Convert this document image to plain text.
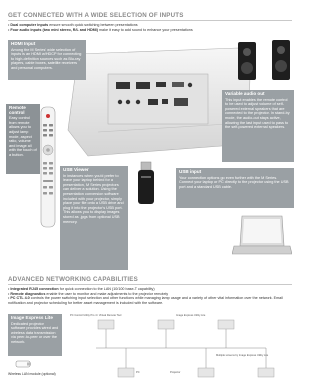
GET CONNECTED WITH A WIDE SELECTION OF INPUTS
• Dual computer inputs ensure smooth quick switching between presentations
• Four audio inputs (two mini stereo, R/L and HDMI) make it easy to add sound to enhance your presentations
HDMI Input
Among the M Series' wide selection of inputs is an HDMI w/HDCP for connecting to high-definition sources such as Blu-ray players, cable boxes, satellite receivers and personal computers.
Variable audio out
This input enables the remote control to be used to adjust volume of self-powered external speakers that are connected to the projector. In stand-by mode, the audio-out stays active, allowing the last input used to pass to the self-powered external speakers.
Remote control
Easy control from remote allows you to adjust lamp mode, aspect ratio, volume and image all with the touch of a button.
USB Viewer
In instances when you'd prefer to leave your laptop behind for a presentation, M Series projectors can deliver a solution. Using the presentation conversion software included with your projector, simply place your file onto a USB drive and plug it into the projector's USB port. This allows you to display images stored as .jpgs from optional USB memory.
USB input
Your connection options go even further with the M Series. Connect your laptop or PC directly to the projector using the USB port and a standard USB cable.
ADVANCED NETWORKING CAPABILITIES
• Integrated RJ45 connection for quick connection to the LAN (10/100 base-T capability)
• Remote diagnostics enable the user to monitor and make adjustments to the projector remotely
• PC CTL 4.0 controls the power switching input selection and other functions while managing lamp usage and a variety of other vital information over the network. Email notification and projector scheduling for better asset management is included with the software.
Image Express Lite
Dedicated projector software provides wired and wireless data transmission via peer-to-peer or over the network.
Wireless LAN module (optional)
PC Control Utility Pro 4 / Virtual Remote Tool	Image Express Utility Lite
Multiple screens by Image Express Utility Lite
PC	Projector
